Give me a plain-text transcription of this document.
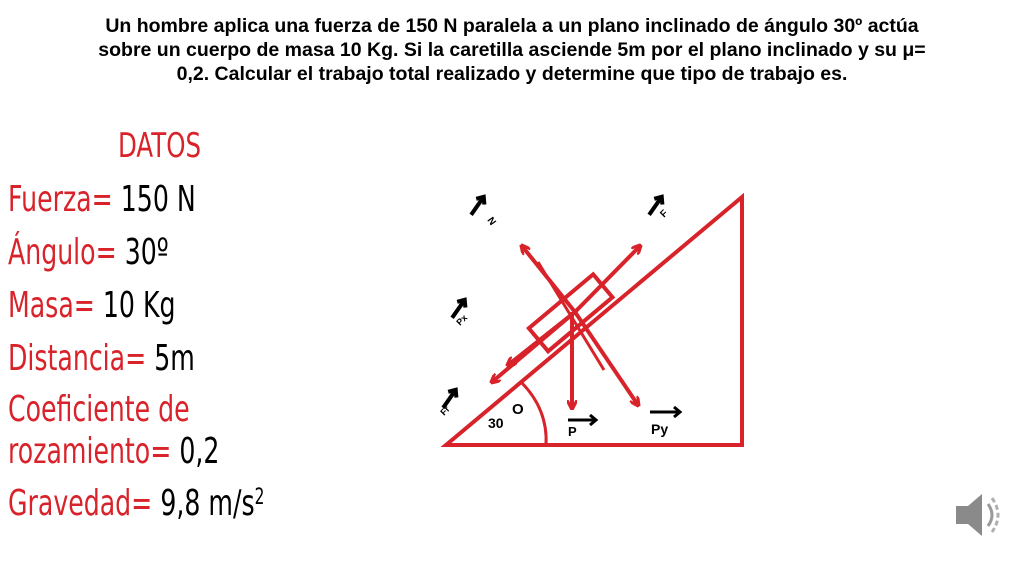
Un hombre aplica una fuerza de 150 N paralela a un plano inclinado de ángulo 30º actúa
sobre un cuerpo de masa 10 Kg. Si la caretilla asciende 5m por el plano inclinado y su μ=
0,2. Calcular el trabajo total realizado y determine que tipo de trabajo es.
DATOS
Fuerza= 150 N
Ángulo= 30º
Masa= 10 Kg
Distancia= 5m
Coeficiente de
rozamiento= 0,2
Gravedad= 9,8 $m/s^2$
30
O
N
F
Px
Fr
P	Py
